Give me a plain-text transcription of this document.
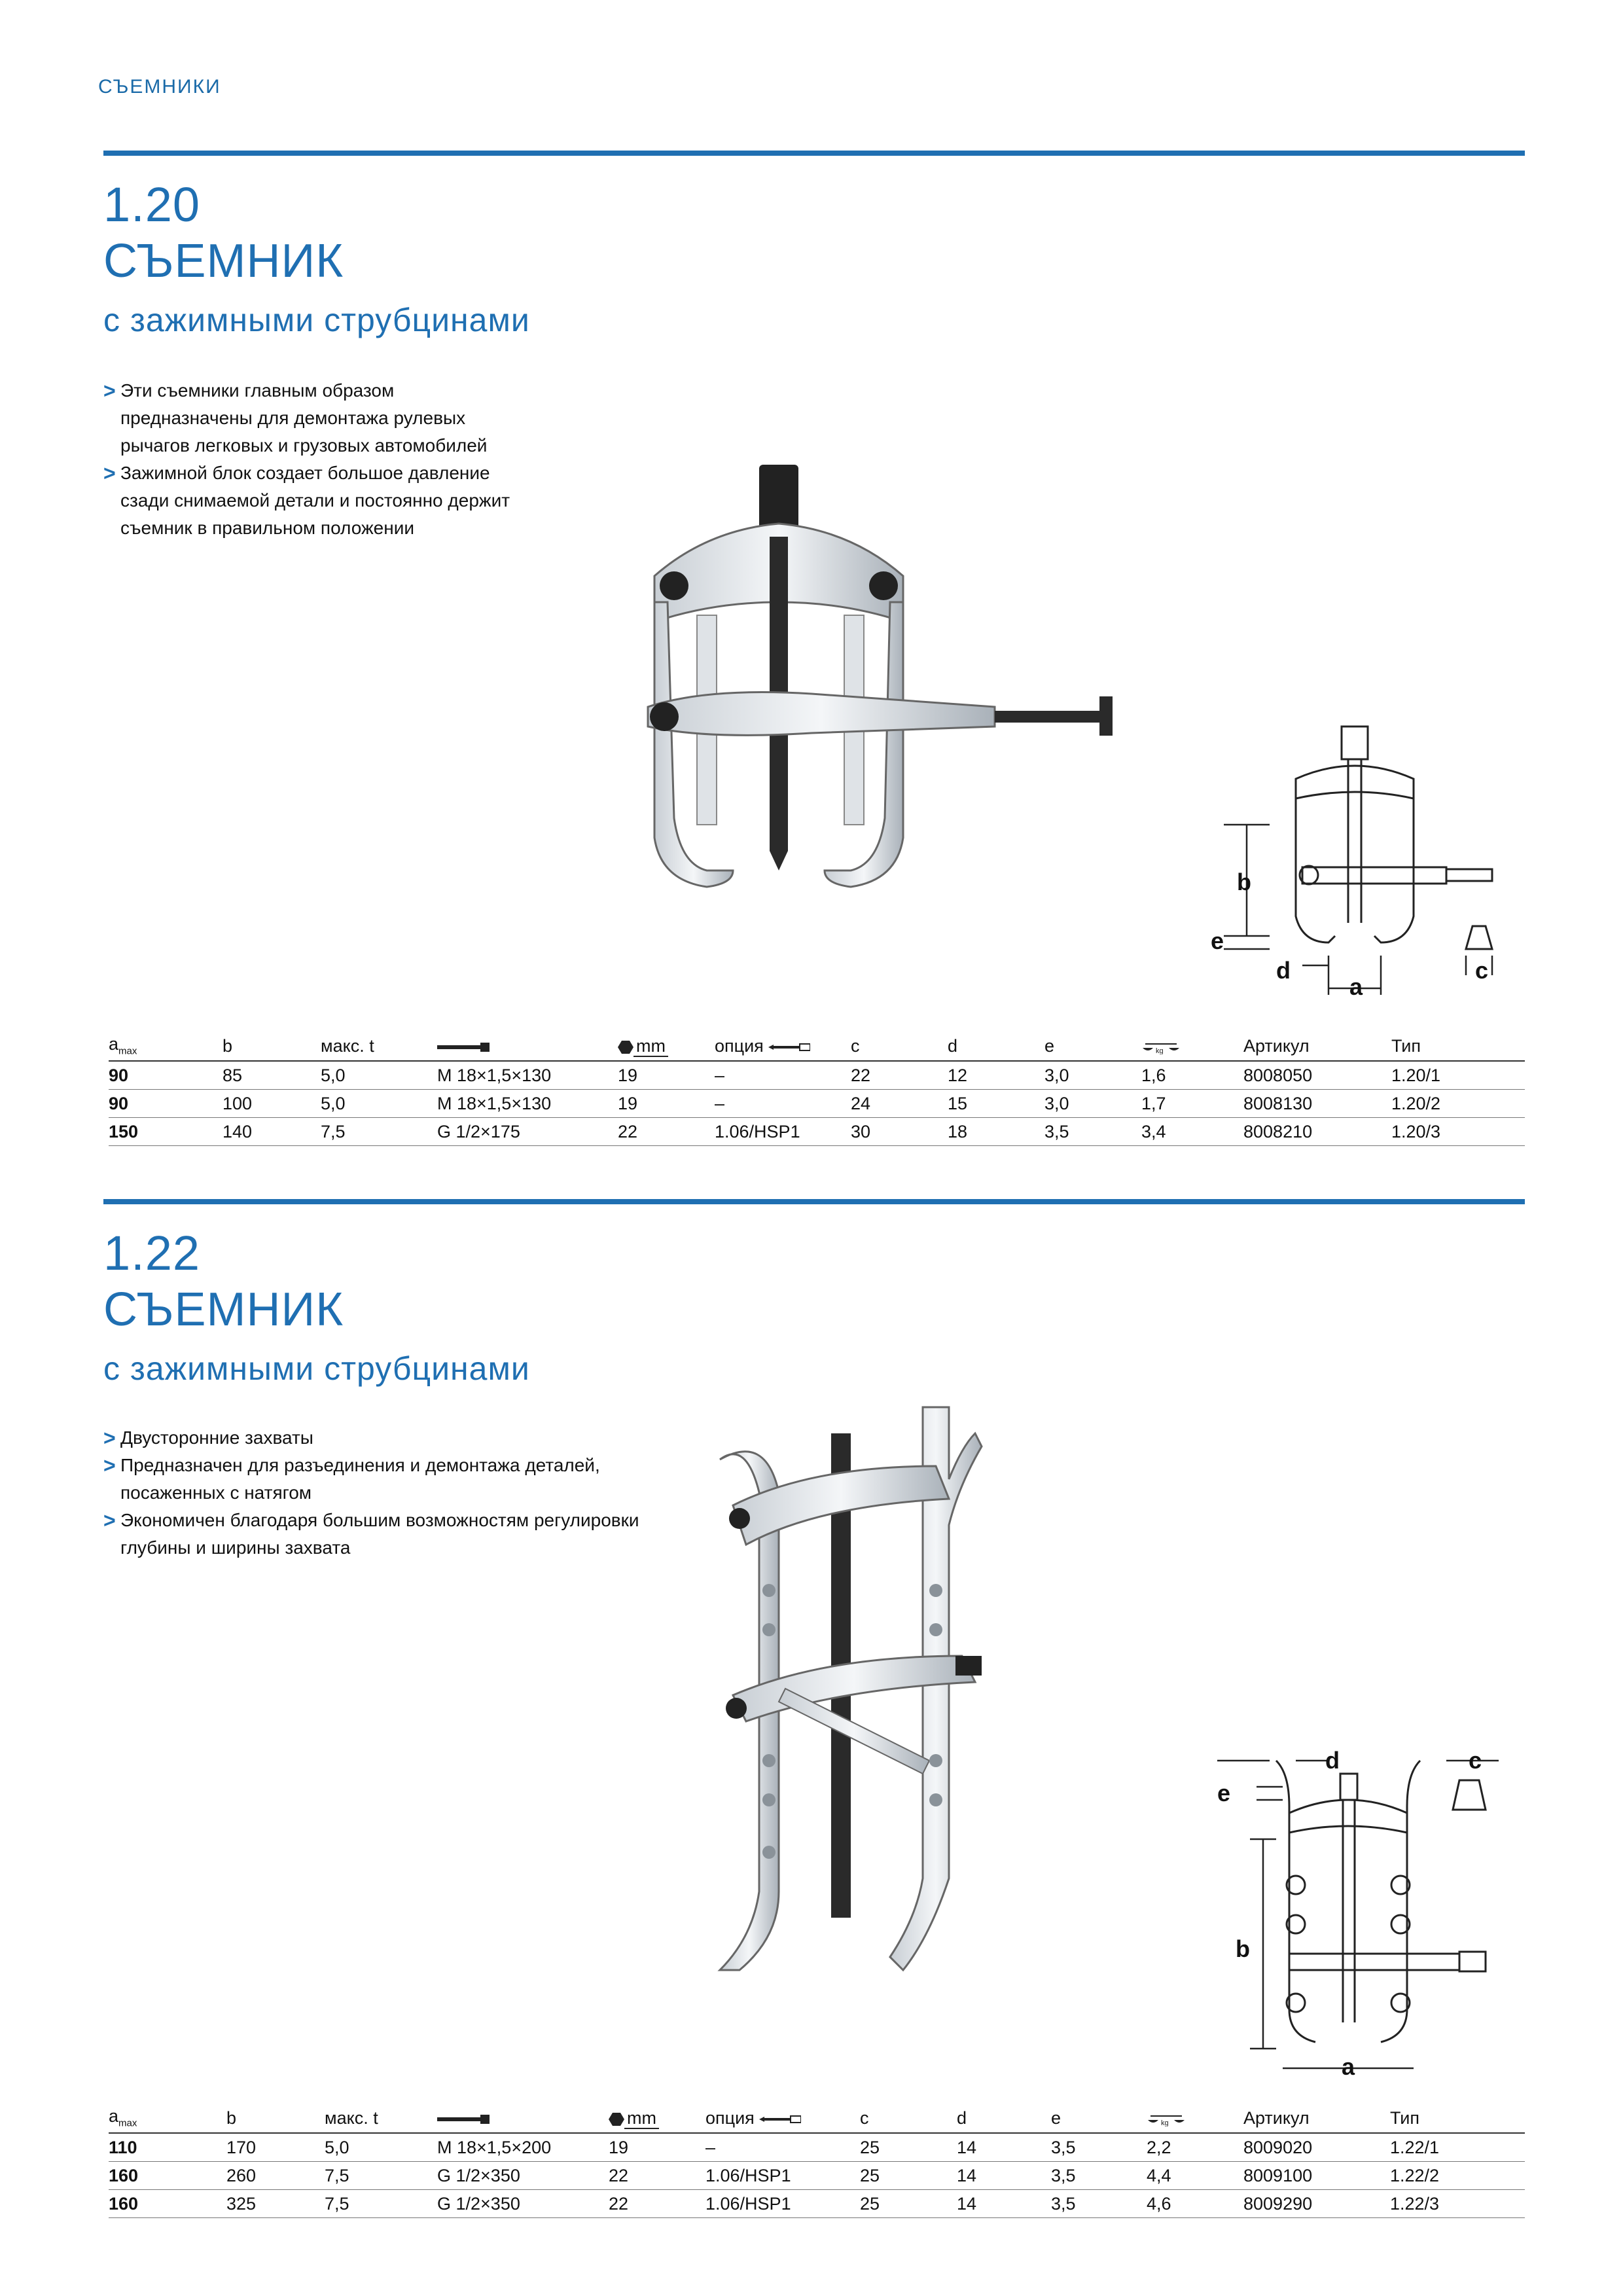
СЪЕМНИКИ
1.20
СЪЕМНИК
с зажимными струбцинами
> Эти съемники главным образом
предназначены для демонтажа рулевых
рычагов легковых и грузовых автомобилей
> Зажимной блок создает большое давление
сзади снимаемой детали и постоянно держит
съемник в правильном положении
b
e
d
a
c
$a_{max}$	b	макс. t		mm	опция	c	d	e	kg	Артикул	Тип
90	85	5,0	M 18×1,5×130	19	–	22	12	3,0	1,6	8008050	1.20/1
90	100	5,0	M 18×1,5×130	19	–	24	15	3,0	1,7	8008130	1.20/2
150	140	7,5	G 1/2×175	22	1.06/HSP1	30	18	3,5	3,4	8008210	1.20/3
1.22
СЪЕМНИК
с зажимными струбцинами
> Двусторонние захваты
> Предназначен для разъединения и демонтажа деталей,
посаженных с натягом
> Экономичен благодаря большим возможностям регулировки
глубины и ширины захвата
d	c
e
b
a
$a_{max}$	b	макс. t		mm	опция	c	d	e	kg	Артикул	Тип
110	170	5,0	M 18×1,5×200	19	–	25	14	3,5	2,2	8009020	1.22/1
160	260	7,5	G 1/2×350	22	1.06/HSP1	25	14	3,5	4,4	8009100	1.22/2
160	325	7,5	G 1/2×350	22	1.06/HSP1	25	14	3,5	4,6	8009290	1.22/3
